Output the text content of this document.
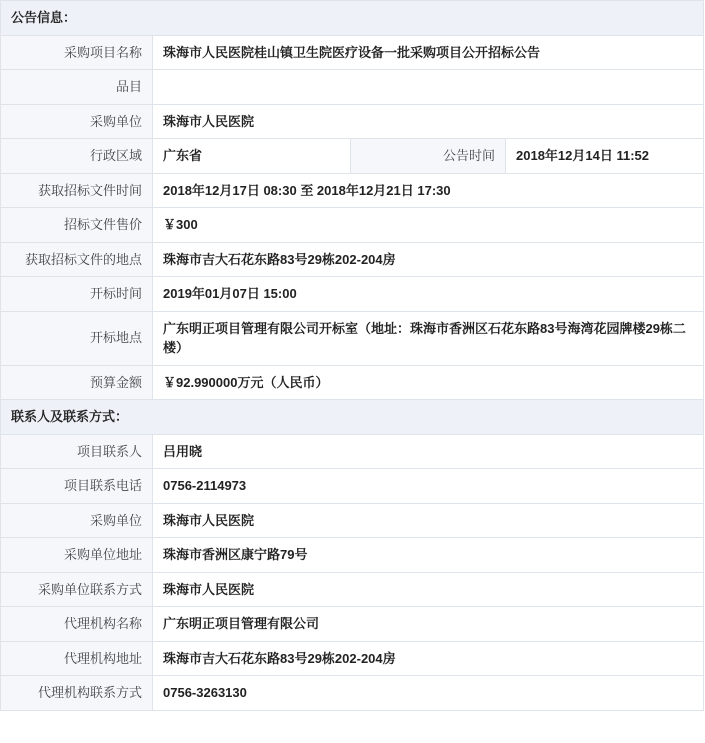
公告信息：			
采购项目名称	珠海市人民医院桂山镇卫生院医疗设备一批采购项目公开招标公告		
品目			
采购单位	珠海市人民医院		
行政区域	广东省	公告时间	2018年12月14日 11:52
获取招标文件时间	2018年12月17日 08:30 至 2018年12月21日 17:30		
招标文件售价	￥300		
获取招标文件的地点	珠海市吉大石花东路83号29栋202-204房		
开标时间	2019年01月07日 15:00		
开标地点	广东明正项目管理有限公司开标室（地址：珠海市香洲区石花东路83号海湾花园牌楼29栋二楼）		
预算金额	￥92.990000万元（人民币）		
联系人及联系方式：			
项目联系人	吕用晓		
项目联系电话	0756-2114973		
采购单位	珠海市人民医院		
采购单位地址	珠海市香洲区康宁路79号		
采购单位联系方式	珠海市人民医院		
代理机构名称	广东明正项目管理有限公司		
代理机构地址	珠海市吉大石花东路83号29栋202-204房		
代理机构联系方式	0756-3263130		
